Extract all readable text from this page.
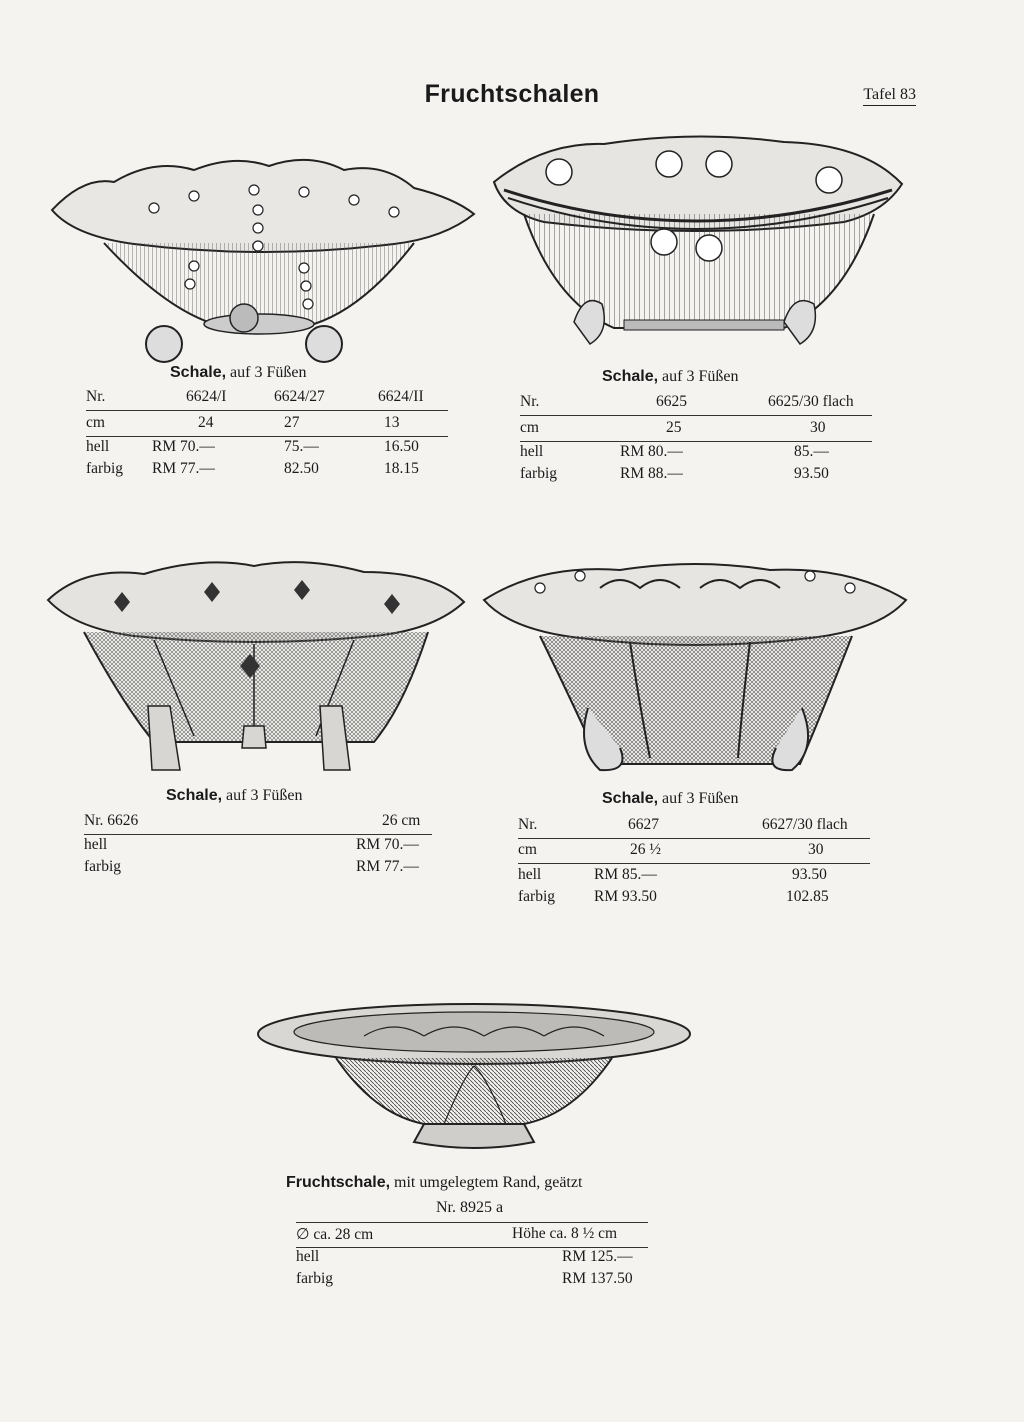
Fruchtschalen	Tafel 83
Schale, auf 3 Füßen
Nr.	6624/I	6624/27	6624/II
cm	24	27	13
hell	RM 70.—	75.—	16.50
farbig RM 77.—	82.50	18.15
Schale, auf 3 Füßen
Nr.	6625	6625/30 flach
cm	25	30
hell	RM 80.—	85.—
farbig	RM 88.—	93.50
Schale, auf 3 Füßen
Nr. 6626	26 cm
hell	RM 70.—
farbig	RM 77.—
Schale, auf 3 Füßen
Nr.	6627	6627/30 flach
cm	26 ½	30
hell	RM 85.—	93.50
farbig	RM 93.50	102.85
Fruchtschale, mit umgelegtem Rand, geätzt
Nr. 8925 a
∅ ca. 28 cm	Höhe ca. 8 ½ cm
hell	RM 125.—
farbig	RM 137.50
